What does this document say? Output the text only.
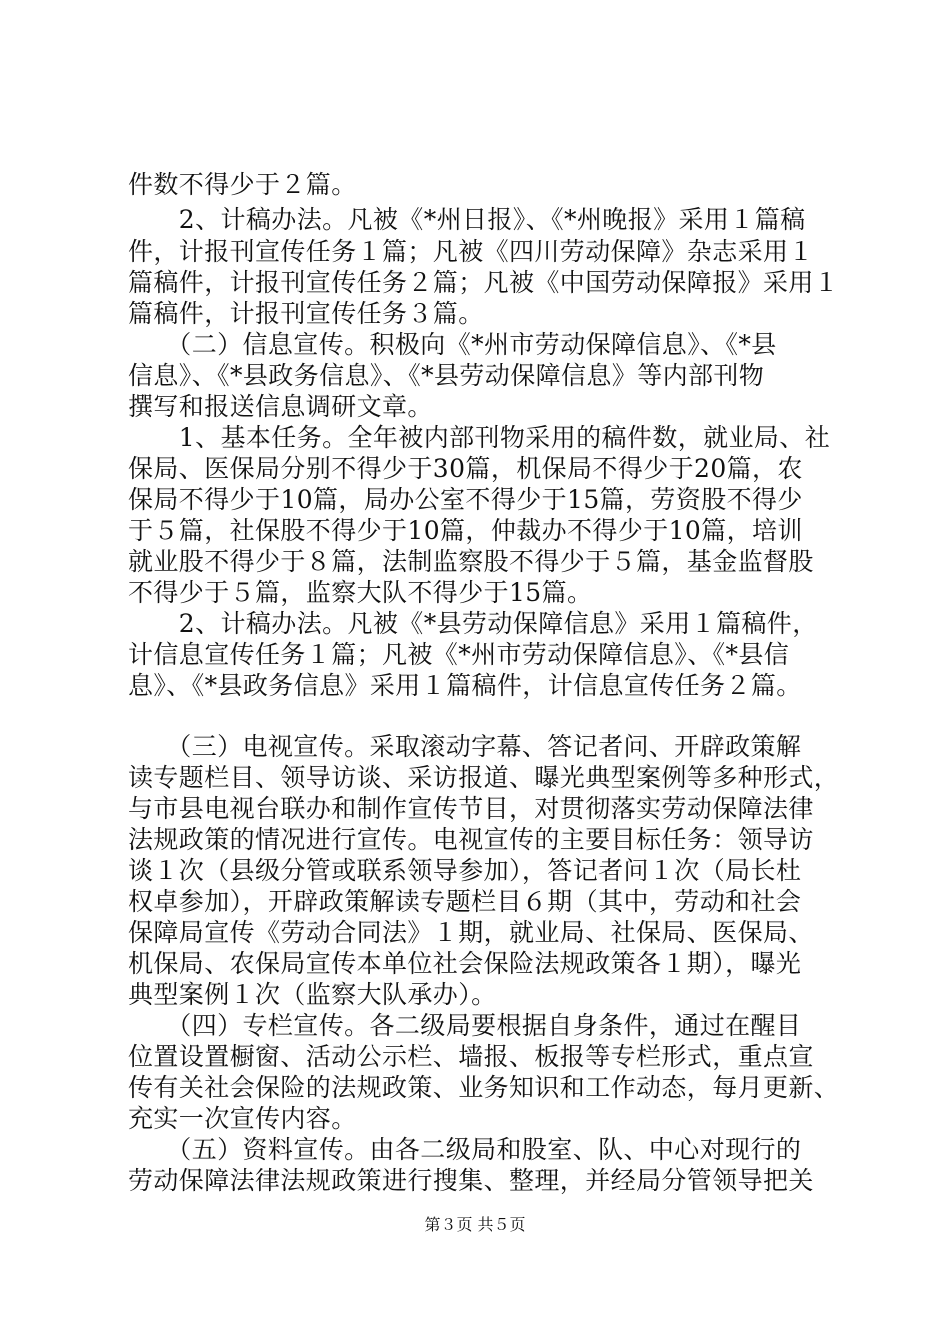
件数不得少于２篇。
　　2、计稿办法。凡被《*州日报》、《*州晚报》采用１篇稿
件，计报刊宣传任务１篇；凡被《四川劳动保障》杂志采用１
篇稿件，计报刊宣传任务２篇；凡被《中国劳动保障报》采用１
篇稿件，计报刊宣传任务３篇。
　　（二）信息宣传。积极向《*州市劳动保障信息》、《*县
信息》、《*县政务信息》、《*县劳动保障信息》等内部刊物
撰写和报送信息调研文章。
　　1、基本任务。全年被内部刊物采用的稿件数，就业局、社
保局、医保局分别不得少于30篇，机保局不得少于20篇，农
保局不得少于10篇，局办公室不得少于15篇，劳资股不得少
于５篇，社保股不得少于10篇，仲裁办不得少于10篇，培训
就业股不得少于８篇，法制监察股不得少于５篇，基金监督股
不得少于５篇，监察大队不得少于15篇。
　　2、计稿办法。凡被《*县劳动保障信息》采用１篇稿件，
计信息宣传任务１篇；凡被《*州市劳动保障信息》、《*县信
息》、《*县政务信息》采用１篇稿件，计信息宣传任务２篇。
　　（三）电视宣传。采取滚动字幕、答记者问、开辟政策解
读专题栏目、领导访谈、采访报道、曝光典型案例等多种形式，
与市县电视台联办和制作宣传节目，对贯彻落实劳动保障法律
法规政策的情况进行宣传。电视宣传的主要目标任务：领导访
谈１次（县级分管或联系领导参加），答记者问１次（局长杜
权卓参加），开辟政策解读专题栏目６期（其中，劳动和社会
保障局宣传《劳动合同法》１期，就业局、社保局、医保局、
机保局、农保局宣传本单位社会保险法规政策各１期），曝光
典型案例１次（监察大队承办）。
　　（四）专栏宣传。各二级局要根据自身条件，通过在醒目
位置设置橱窗、活动公示栏、墙报、板报等专栏形式，重点宣
传有关社会保险的法规政策、业务知识和工作动态，每月更新、
充实一次宣传内容。
　　（五）资料宣传。由各二级局和股室、队、中心对现行的
劳动保障法律法规政策进行搜集、整理，并经局分管领导把关
第３页 共５页
